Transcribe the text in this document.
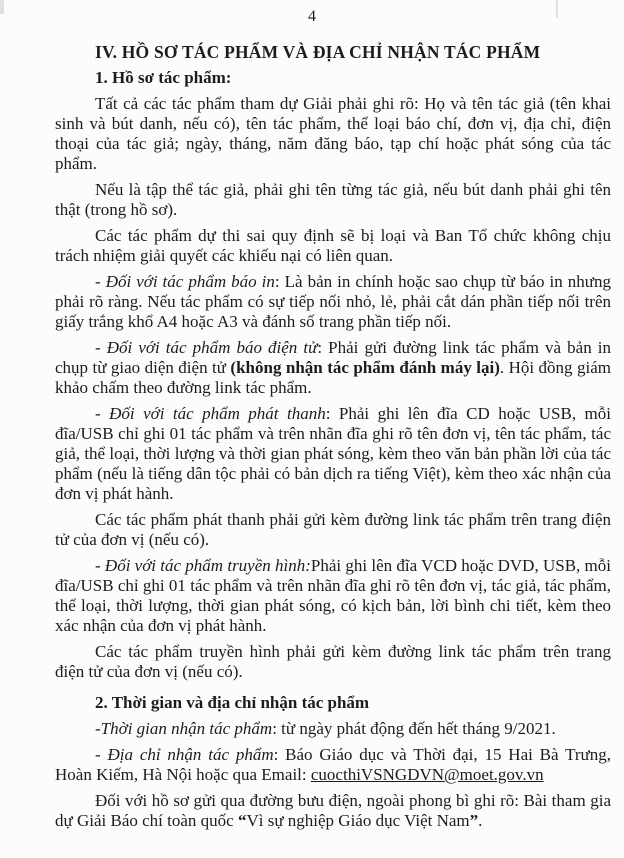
4

IV. HỒ SƠ TÁC PHẨM VÀ ĐỊA CHỈ NHẬN TÁC PHẨM

1. Hồ sơ tác phẩm:

Tất cả các tác phẩm tham dự Giải phải ghi rõ: Họ và tên tác giả (tên khai sinh và bút danh, nếu có), tên tác phẩm, thể loại báo chí, đơn vị, địa chỉ, điện thoại của tác giả; ngày, tháng, năm đăng báo, tạp chí hoặc phát sóng của tác phẩm.

Nếu là tập thể tác giả, phải ghi tên từng tác giả, nếu bút danh phải ghi tên thật (trong hồ sơ).

Các tác phẩm dự thi sai quy định sẽ bị loại và Ban Tổ chức không chịu trách nhiệm giải quyết các khiếu nại có liên quan.

- Đối với tác phẩm báo in: Là bản in chính hoặc sao chụp từ báo in nhưng phải rõ ràng. Nếu tác phẩm có sự tiếp nối nhỏ, lẻ, phải cắt dán phần tiếp nối trên giấy trắng khổ A4 hoặc A3 và đánh số trang phần tiếp nối.

- Đối với tác phẩm báo điện tử: Phải gửi đường link tác phẩm và bản in chụp từ giao diện điện tử (không nhận tác phẩm đánh máy lại). Hội đồng giám khảo chấm theo đường link tác phẩm.

- Đối với tác phẩm phát thanh: Phải ghi lên đĩa CD hoặc USB, mỗi đĩa/USB chỉ ghi 01 tác phẩm và trên nhãn đĩa ghi rõ tên đơn vị, tên tác phẩm, tác giả, thể loại, thời lượng và thời gian phát sóng, kèm theo văn bản phần lời của tác phẩm (nếu là tiếng dân tộc phải có bản dịch ra tiếng Việt), kèm theo xác nhận của đơn vị phát hành.

Các tác phẩm phát thanh phải gửi kèm đường link tác phẩm trên trang điện tử của đơn vị (nếu có).

- Đối với tác phẩm truyền hình:Phải ghi lên đĩa VCD hoặc DVD, USB, mỗi đĩa/USB chỉ ghi 01 tác phẩm và trên nhãn đĩa ghi rõ tên đơn vị, tác giả, tác phẩm, thể loại, thời lượng, thời gian phát sóng, có kịch bản, lời bình chi tiết, kèm theo xác nhận của đơn vị phát hành.

Các tác phẩm truyền hình phải gửi kèm đường link tác phẩm trên trang điện tử của đơn vị (nếu có).

2. Thời gian và địa chỉ nhận tác phẩm

-Thời gian nhận tác phẩm: từ ngày phát động đến hết tháng 9/2021.

- Địa chỉ nhận tác phẩm: Báo Giáo dục và Thời đại, 15 Hai Bà Trưng, Hoàn Kiếm, Hà Nội hoặc qua Email: cuocthiVSNGDVN@moet.gov.vn

Đối với hồ sơ gửi qua đường bưu điện, ngoài phong bì ghi rõ: Bài tham gia dự Giải Báo chí toàn quốc “Vì sự nghiệp Giáo dục Việt Nam”.
